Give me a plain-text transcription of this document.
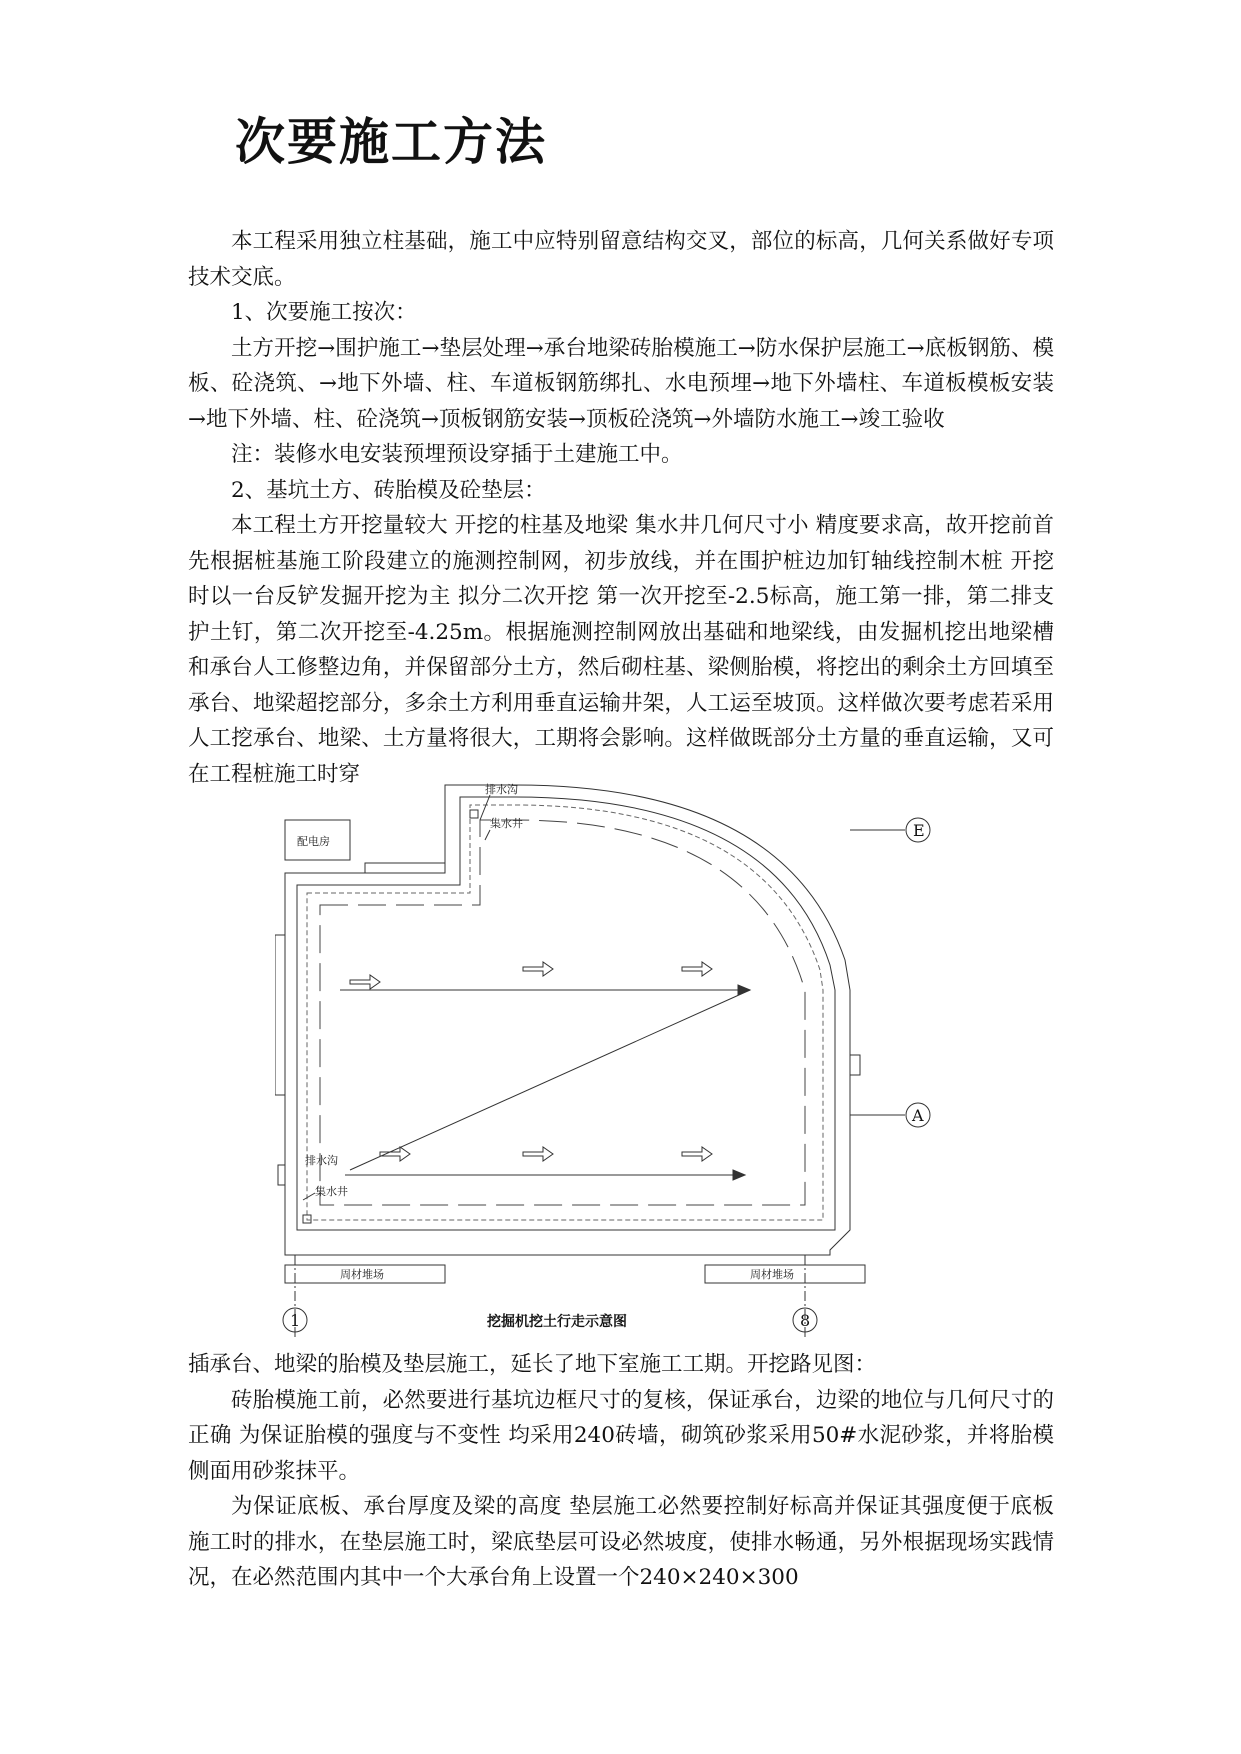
次要施工方法

本工程采用独立柱基础，施工中应特别留意结构交叉，部位的标高，几何关系做好专项技术交底。

1、次要施工按次：

土方开挖→围护施工→垫层处理→承台地梁砖胎模施工→防水保护层施工→底板钢筋、模板、砼浇筑、→地下外墙、柱、车道板钢筋绑扎、水电预埋→地下外墙柱、车道板模板安装→地下外墙、柱、砼浇筑→顶板钢筋安装→顶板砼浇筑→外墙防水施工→竣工验收

注：装修水电安装预埋预设穿插于土建施工中。

2、基坑土方、砖胎模及砼垫层：

本工程土方开挖量较大 开挖的柱基及地梁 集水井几何尺寸小 精度要求高，故开挖前首先根据桩基施工阶段建立的施测控制网，初步放线，并在围护桩边加钉轴线控制木桩 开挖时以一台反铲发掘开挖为主 拟分二次开挖 第一次开挖至-2.5标高，施工第一排，第二排支护土钉，第二次开挖至-4.25m。根据施测控制网放出基础和地梁线，由发掘机挖出地梁槽和承台人工修整边角，并保留部分土方，然后砌柱基、梁侧胎模，将挖出的剩余土方回填至承台、地梁超挖部分，多余土方利用垂直运输井架，人工运至坡顶。这样做次要考虑若采用人工挖承台、地梁、土方量将很大，工期将会影响。这样做既部分土方量的垂直运输，又可在工程桩施工时穿

配电房
排水沟
集水井
排水沟
集水井
周材堆场	周材堆场
E
A
1	8
挖掘机挖土行走示意图

插承台、地梁的胎模及垫层施工，延长了地下室施工工期。开挖路见图：

砖胎模施工前，必然要进行基坑边框尺寸的复核，保证承台，边梁的地位与几何尺寸的正确 为保证胎模的强度与不变性 均采用240砖墙，砌筑砂浆采用50#水泥砂浆，并将胎模侧面用砂浆抹平。

为保证底板、承台厚度及梁的高度 垫层施工必然要控制好标高并保证其强度便于底板施工时的排水，在垫层施工时，梁底垫层可设必然坡度，使排水畅通，另外根据现场实践情况，在必然范围内其中一个大承台角上设置一个240×240×300
